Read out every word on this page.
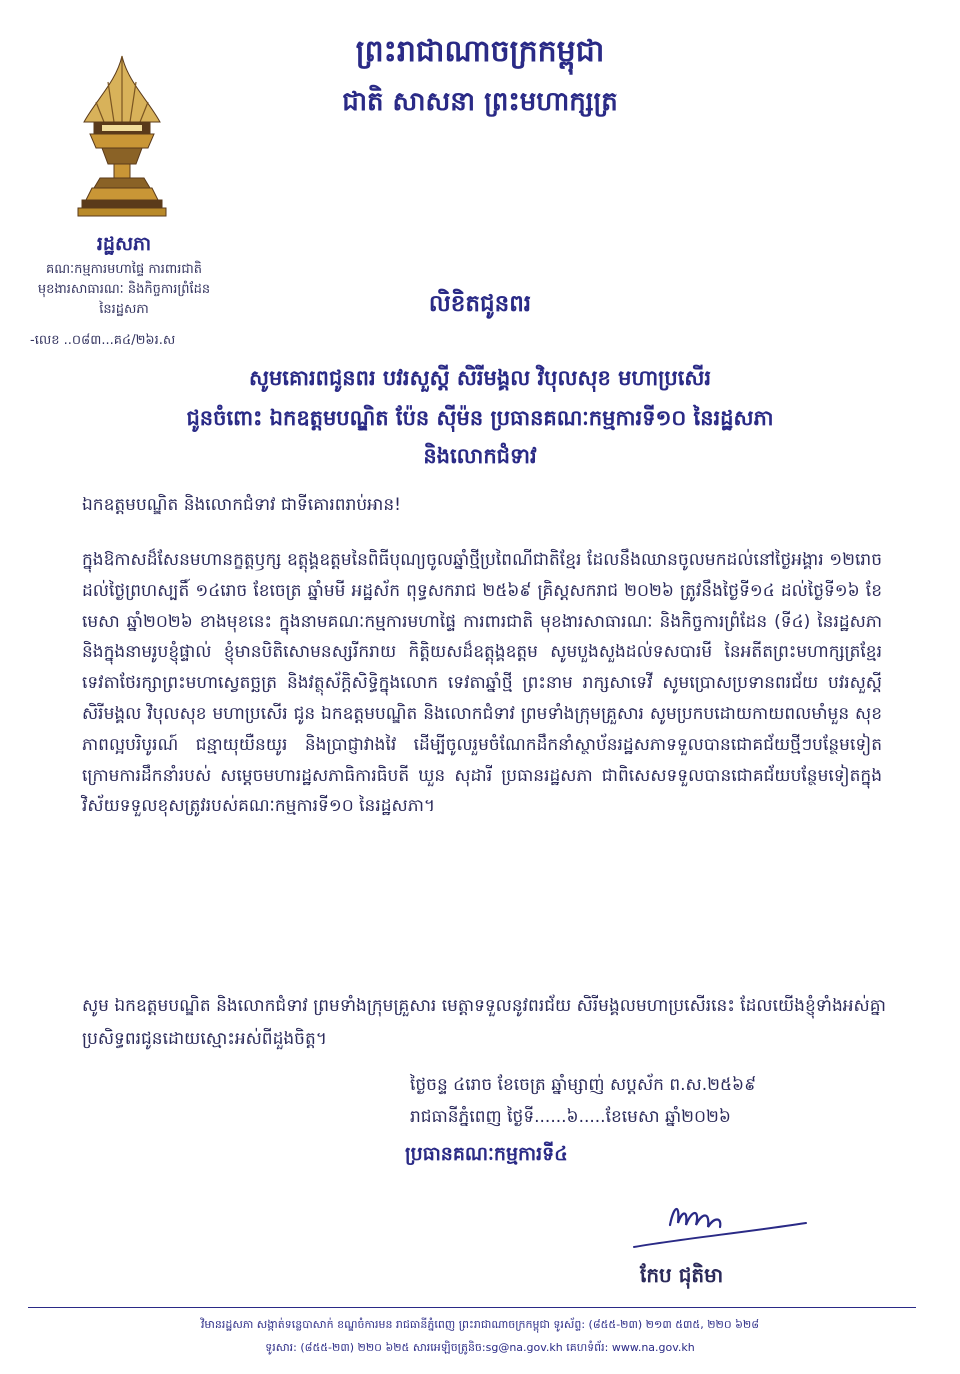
ព្រះរាជាណាចក្រកម្ពុជា
ជាតិ សាសនា ព្រះមហាក្សត្រ
រដ្ឋសភា
គណៈកម្មការមហាផ្ទៃ ការពារជាតិ
មុខងារសាធារណៈ និងកិច្ចការព្រំដែន
នៃរដ្ឋសភា
-លេខ ..០៨៣...គ៤/២៦រ.ស
លិខិតជូនពរ
សូមគោរពជូនពរ បវរសួស្តី សិរីមង្គល វិបុលសុខ មហាប្រសើរ
ជូនចំពោះ ឯកឧត្តមបណ្ឌិត ប៉ែន ស៊ីម៉ន ប្រធានគណៈកម្មការទី១០ នៃរដ្ឋសភា
និងលោកជំទាវ
ឯកឧត្តមបណ្ឌិត និងលោកជំទាវ ជាទីគោរពរាប់អាន!
ក្នុងឱកាសដ៏សែនមហានក្ខត្តឫក្ស ឧត្តុង្គឧត្តមនៃពិធីបុណ្យចូលឆ្នាំថ្មីប្រពៃណីជាតិខ្មែរ ដែលនឹងឈានចូលមកដល់នៅថ្ងៃអង្គារ ១២រោច ដល់ថ្ងៃព្រហស្បតិ៍ ១៤រោច ខែចេត្រ ឆ្នាំមមី អដ្ឋស័ក ពុទ្ធសករាជ ២៥៦៩ គ្រិស្តសករាជ ២០២៦ ត្រូវនឹងថ្ងៃទី១៤ ដល់ថ្ងៃទី១៦ ខែមេសា ឆ្នាំ២០២៦ ខាងមុខនេះ ក្នុងនាមគណៈកម្មការមហាផ្ទៃ ការពារជាតិ មុខងារសាធារណៈ និងកិច្ចការព្រំដែន (ទី៤) នៃរដ្ឋសភា និងក្នុងនាមរូបខ្ញុំផ្ទាល់ ខ្ញុំមានបិតិសោមនស្សរីករាយ កិត្តិយសដ៏ឧត្តុង្គឧត្តម សូមបួងសួងដល់ទសបារមី នៃអតីតព្រះមហាក្សត្រខ្មែរ ទេវតាថែរក្សាព្រះមហាស្វេតច្ឆត្រ និងវត្ថុស័ក្តិសិទ្ធិក្នុងលោក ទេវតាឆ្នាំថ្មី ព្រះនាម រាក្សសាទេវី សូមប្រោសប្រទានពរជ័យ បវរសួស្តី សិរីមង្គល វិបុលសុខ មហាប្រសើរ ជូន ឯកឧត្តមបណ្ឌិត និងលោកជំទាវ ព្រមទាំងក្រុមគ្រួសារ សូមប្រកបដោយកាយពលមាំមួន សុខភាពល្អបរិបូរណ៍ ជន្មាយុយឺនយូរ និងប្រាជ្ញាវាងវៃ ដើម្បីចូលរួមចំណែកដឹកនាំស្ថាប័នរដ្ឋសភាទទួលបានជោគជ័យថ្មីៗបន្ថែមទៀត ក្រោមការដឹកនាំរបស់ សម្តេចមហារដ្ឋសភាធិការធិបតី ឃួន សុដារី ប្រធានរដ្ឋសភា ជាពិសេសទទួលបានជោគជ័យបន្ថែមទៀតក្នុងវិស័យទទួលខុសត្រូវរបស់គណៈកម្មការទី១០ នៃរដ្ឋសភា។
សូម ឯកឧត្តមបណ្ឌិត និងលោកជំទាវ ព្រមទាំងក្រុមគ្រួសារ មេត្តាទទួលនូវពរជ័យ សិរីមង្គលមហាប្រសើរនេះ ដែលយើងខ្ញុំទាំងអស់គ្នា ប្រសិទ្ធពរជូនដោយស្មោះអស់ពីដួងចិត្ត។
ថ្ងៃចន្ទ ៤រោច ខែចេត្រ ឆ្នាំម្សាញ់ សប្តស័ក ព.ស.២៥៦៩
រាជធានីភ្នំពេញ ថ្ងៃទី......៦.....ខែមេសា ឆ្នាំ២០២៦
ប្រធានគណៈកម្មការទី៤
កែប ជុតិមា
វិមានរដ្ឋសភា សង្កាត់ទន្លេបាសាក់ ខណ្ឌចំការមន រាជធានីភ្នំពេញ ព្រះរាជាណាចក្រកម្ពុជា ទូរស័ព្ទ: (៨៥៥-២៣) ២១៣ ៥៣៥, ២២០ ៦២៨
ទូរសារ: (៨៥៥-២៣) ២២០ ៦២៥ សារអេឡិចត្រូនិច:sg@na.gov.kh គេហទំព័រ: www.na.gov.kh
